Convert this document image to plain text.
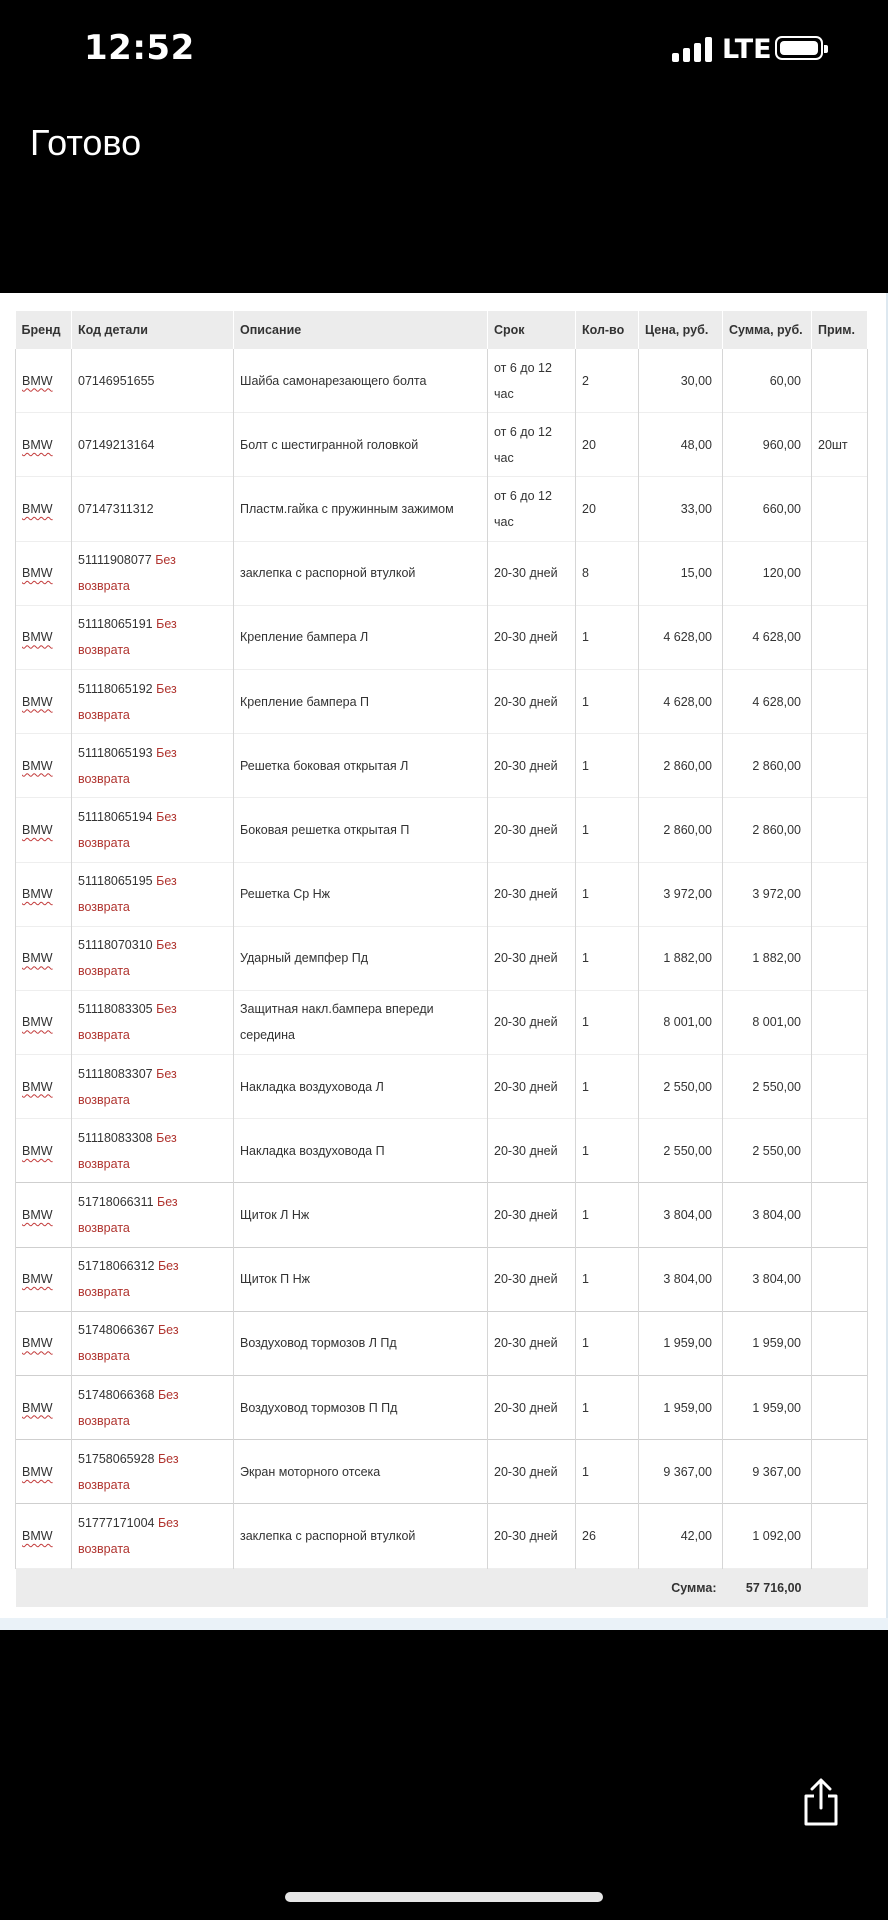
12:52	LTE
Готово
Бренд	Код детали	Описание	Срок	Кол-во	Цена, руб.	Сумма, руб.	Прим.
BMW	07146951655	Шайба самонарезающего болта	от 6 до 12 час	2	30,00	60,00	
BMW	07149213164	Болт с шестигранной головкой	от 6 до 12 час	20	48,00	960,00	20шт
BMW	07147311312	Пластм.гайка с пружинным зажимом	от 6 до 12 час	20	33,00	660,00	
BMW	51111908077 Без возврата	заклепка с распорной втулкой	20-30 дней	8	15,00	120,00	
BMW	51118065191 Без возврата	Крепление бампера Л	20-30 дней	1	4 628,00	4 628,00	
BMW	51118065192 Без возврата	Крепление бампера П	20-30 дней	1	4 628,00	4 628,00	
BMW	51118065193 Без возврата	Решетка боковая открытая Л	20-30 дней	1	2 860,00	2 860,00	
BMW	51118065194 Без возврата	Боковая решетка открытая П	20-30 дней	1	2 860,00	2 860,00	
BMW	51118065195 Без возврата	Решетка Ср Нж	20-30 дней	1	3 972,00	3 972,00	
BMW	51118070310 Без возврата	Ударный демпфер Пд	20-30 дней	1	1 882,00	1 882,00	
BMW	51118083305 Без возврата	Защитная накл.бампера впереди середина	20-30 дней	1	8 001,00	8 001,00	
BMW	51118083307 Без возврата	Накладка воздуховода Л	20-30 дней	1	2 550,00	2 550,00	
BMW	51118083308 Без возврата	Накладка воздуховода П	20-30 дней	1	2 550,00	2 550,00	
BMW	51718066311 Без возврата	Щиток Л Нж	20-30 дней	1	3 804,00	3 804,00	
BMW	51718066312 Без возврата	Щиток П Нж	20-30 дней	1	3 804,00	3 804,00	
BMW	51748066367 Без возврата	Воздуховод тормозов Л Пд	20-30 дней	1	1 959,00	1 959,00	
BMW	51748066368 Без возврата	Воздуховод тормозов П Пд	20-30 дней	1	1 959,00	1 959,00	
BMW	51758065928 Без возврата	Экран моторного отсека	20-30 дней	1	9 367,00	9 367,00	
BMW	51777171004 Без возврата	заклепка с распорной втулкой	20-30 дней	26	42,00	1 092,00	
					Сумма:	57 716,00	
